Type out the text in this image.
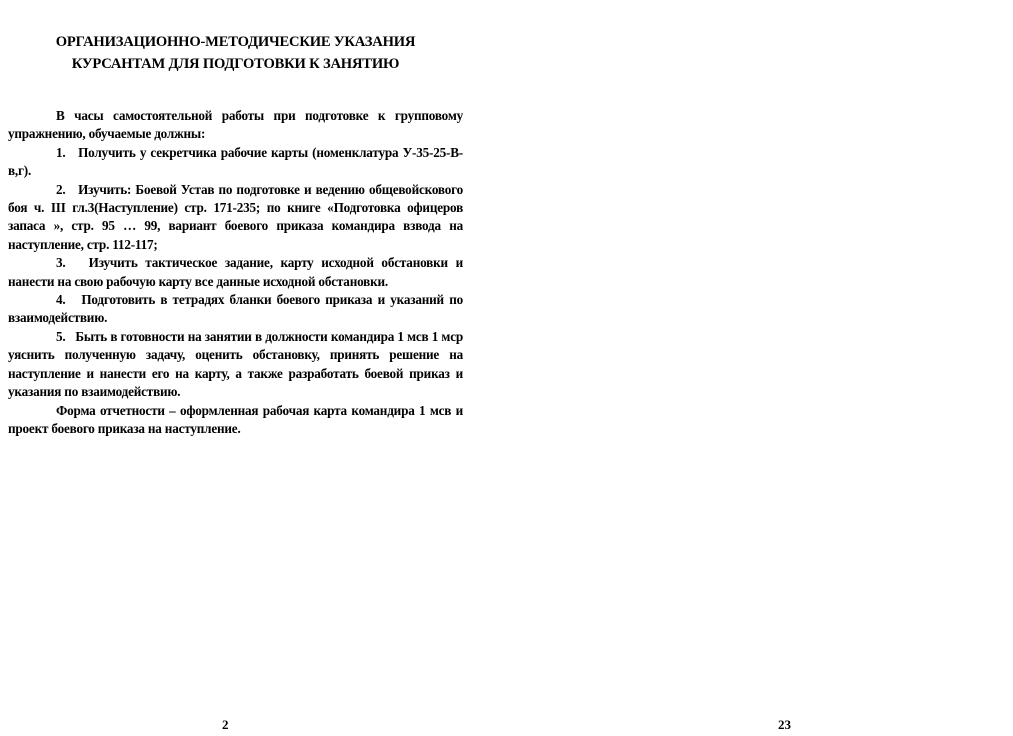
ОРГАНИЗАЦИОННО-МЕТОДИЧЕСКИЕ УКАЗАНИЯ
КУРСАНТАМ ДЛЯ ПОДГОТОВКИ К ЗАНЯТИЮ

В часы самостоятельной работы при подготовке к групповому упражнению, обучаемые должны:

1. Получить у секретчика рабочие карты (номенклатура У-35-25-В-в,г).

2. Изучить: Боевой Устав по подготовке и ведению общевойскового боя ч. III гл.3(Наступление) стр. 171-235; по книге «Подготовка офицеров запаса », стр. 95 … 99, вариант боевого приказа командира взвода на наступление, стр. 112-117;

3. Изучить тактическое задание, карту исходной обстановки и нанести на свою рабочую карту все данные исходной обстановки.

4. Подготовить в тетрадях бланки боевого приказа и указаний по взаимодействию.

5. Быть в готовности на занятии в должности командира 1 мсв 1 мср уяснить полученную задачу, оценить обстановку, принять решение на наступление и нанести его на карту, а также разработать боевой приказ и указания по взаимодействию.

Форма отчетности – оформленная рабочая карта командира 1 мсв и проект боевого приказа на наступление.

2	23
